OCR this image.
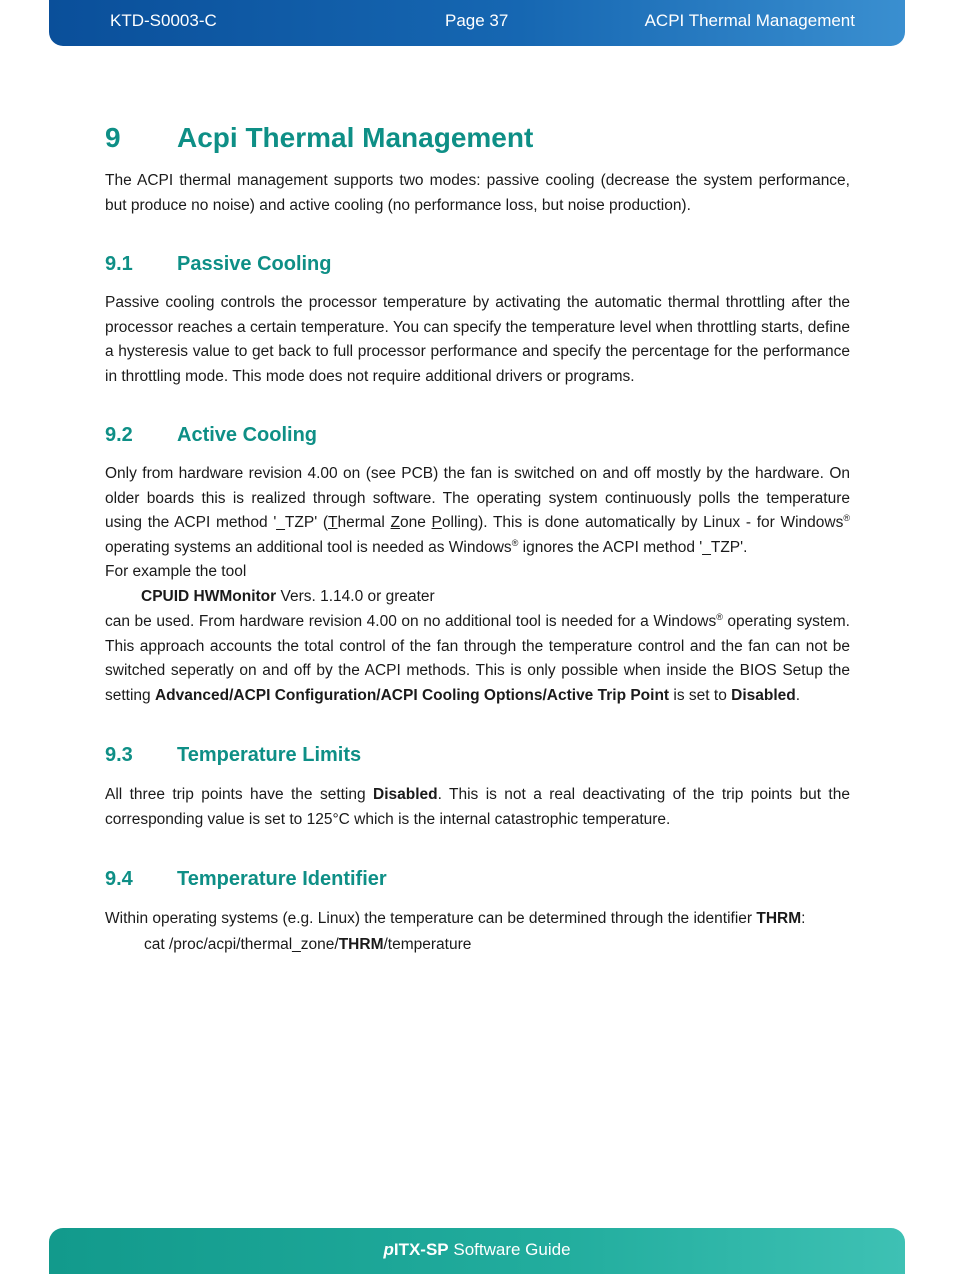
KTD-S0003-C	Page 37	ACPI Thermal Management
9 Acpi Thermal Management

The ACPI thermal management supports two modes: passive cooling (decrease the system performance, but produce no noise) and active cooling (no performance loss, but noise production).

9.1 Passive Cooling

Passive cooling controls the processor temperature by activating the automatic thermal throttling after the processor reaches a certain temperature. You can specify the temperature level when throttling starts, define a hysteresis value to get back to full processor performance and specify the percentage for the performance in throttling mode. This mode does not require additional drivers or programs.

9.2 Active Cooling

Only from hardware revision 4.00 on (see PCB) the fan is switched on and off mostly by the hardware. On older boards this is realized through software. The operating system continuously polls the temperature using the ACPI method '_TZP' (Thermal Zone Polling). This is done automatically by Linux - for Windows® operating systems an additional tool is needed as Windows® ignores the ACPI method '_TZP'.

For example the tool

CPUID HWMonitor Vers. 1.14.0 or greater

can be used. From hardware revision 4.00 on no additional tool is needed for a Windows® operating system. This approach accounts the total control of the fan through the temperature control and the fan can not be switched seperatly on and off by the ACPI methods. This is only possible when inside the BIOS Setup the setting Advanced/ACPI Configuration/ACPI Cooling Options/Active Trip Point is set to Disabled.

9.3 Temperature Limits

All three trip points have the setting Disabled. This is not a real deactivating of the trip points but the corresponding value is set to 125°C which is the internal catastrophic temperature.

9.4 Temperature Identifier

Within operating systems (e.g. Linux) the temperature can be determined through the identifier THRM:

cat /proc/acpi/thermal_zone/THRM/temperature

pITX-SP Software Guide
